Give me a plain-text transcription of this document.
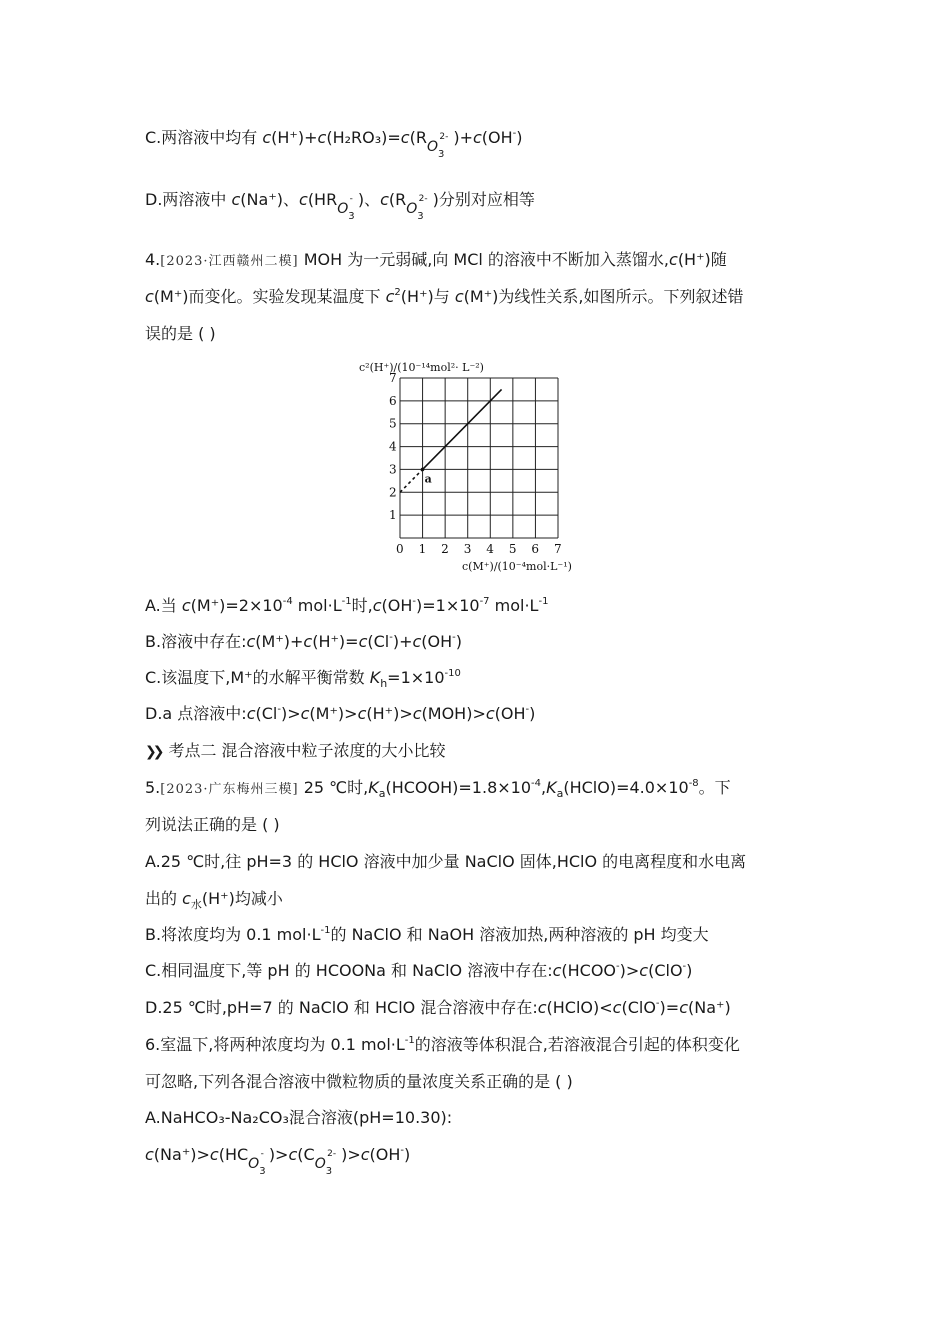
C.两溶液中均有 $c(H^+)+c(H_2RO_3)=c(RO_3^{2-}$ )+c(OH-)
D.两溶液中 c(Na⁺)、$c(HRO_3^-$ )、$c(RO_3^{2-}$ )分别对应相等
4.[2023·江西赣州二模] MOH 为一元弱碱,向 MCl 的溶液中不断加入蒸馏水,c(H⁺)随
c(M⁺)而变化。实验发现某温度下 $c^2(H^+)$与 c(M⁺)为线性关系,如图所示。下列叙述错
误的是 ( )
c²(H⁺)/(10⁻¹⁴mol²· L⁻²)
0 1 2 3 4 5 6 7
1
2
3
4
5
6
7
a
c(M⁺)/(10⁻⁴mol·L⁻¹)
A.当 $c(M^+)=2\times 10^{-4}$ $mol\cdot L^{-1}$时$,c(OH^-)=1\times 10^{-7}$ $mol\cdot L^{-1}$
B.溶液中存在:c(M⁺)+c(H⁺)=c(Cl-)+c(OH-)
C.该温度下,M⁺的水解平衡常数 $K_h=1\times 10^{-10}$
D.a 点溶液中:c(Cl-)>c(M⁺)>c(H⁺)>c(MOH)>c(OH-)
❯❯ 考点二 混合溶液中粒子浓度的大小比较
5.[2023·广东梅州三模] 25 ℃时$,K_a(HCOOH)=1.8\times 10^{-4},K_a(HClO)=4.0\times 10^{-8}$。下
列说法正确的是 ( )
A.25 ℃时,往 pH=3 的 HClO 溶液中加少量 NaClO 固体,HClO 的电离程度和水电离
出的 $c_水(H^+)$均减小
B.将浓度均为 0.1 $mol\cdot L^{-1}$的 NaClO 和 NaOH 溶液加热,两种溶液的 pH 均变大
C.相同温度下,等 pH 的 HCOONa 和 NaClO 溶液中存在:c(HCOO-)>c(ClO-)
D.25 ℃时,pH=7 的 NaClO 和 HClO 混合溶液中存在:c(HClO)<c(ClO-)=c(Na⁺)
6.室温下,将两种浓度均为 0.1 $mol\cdot L^{-1}$的溶液等体积混合,若溶液混合引起的体积变化
可忽略,下列各混合溶液中微粒物质的量浓度关系正确的是 ( )
A.NaHCO₃-Na₂CO₃混合溶液(pH=10.30):
$c(Na^+)>c(HCO_3^-$ )$>c(CO_3^{2-}$ )>c(OH-)
